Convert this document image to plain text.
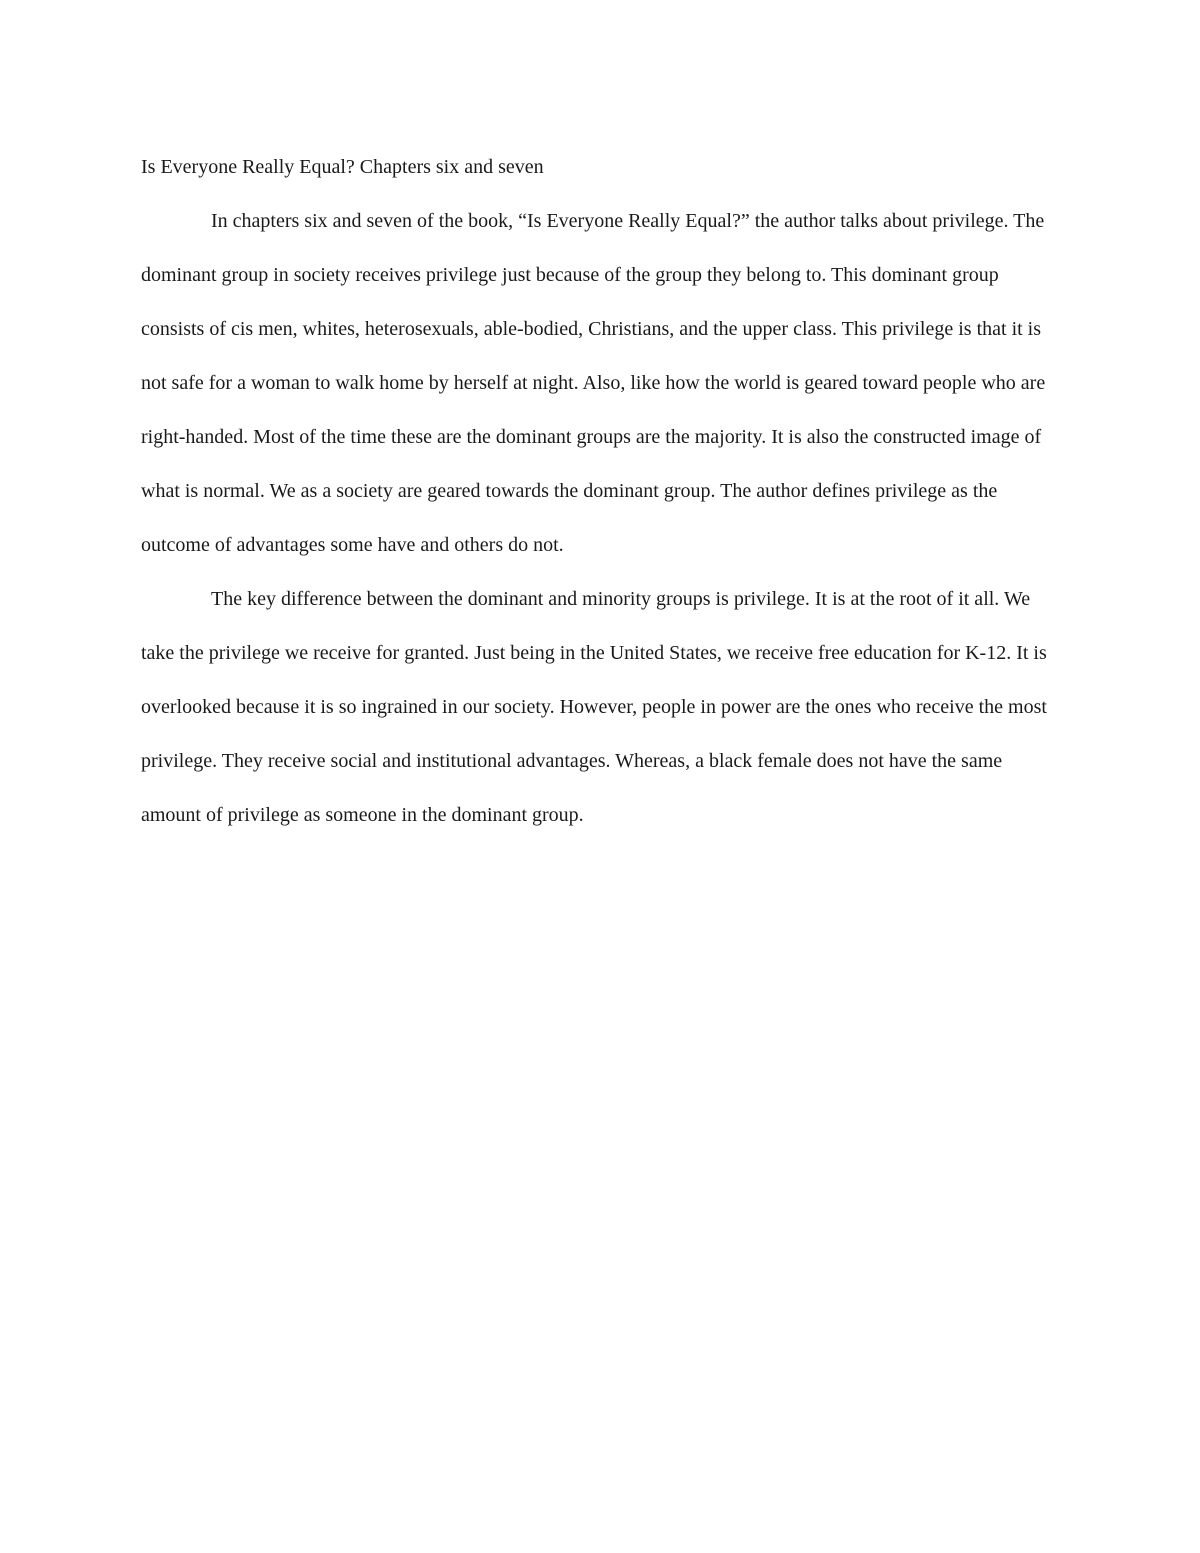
Is Everyone Really Equal? Chapters six and seven

In chapters six and seven of the book, “Is Everyone Really Equal?” the author talks about privilege. The dominant group in society receives privilege just because of the group they belong to. This dominant group consists of cis men, whites, heterosexuals, able-bodied, Christians, and the upper class. This privilege is that it is not safe for a woman to walk home by herself at night. Also, like how the world is geared toward people who are right-handed. Most of the time these are the dominant groups are the majority. It is also the constructed image of what is normal. We as a society are geared towards the dominant group. The author defines privilege as the outcome of advantages some have and others do not.

The key difference between the dominant and minority groups is privilege. It is at the root of it all. We take the privilege we receive for granted. Just being in the United States, we receive free education for K-12. It is overlooked because it is so ingrained in our society. However, people in power are the ones who receive the most privilege. They receive social and institutional advantages. Whereas, a black female does not have the same amount of privilege as someone in the dominant group.
